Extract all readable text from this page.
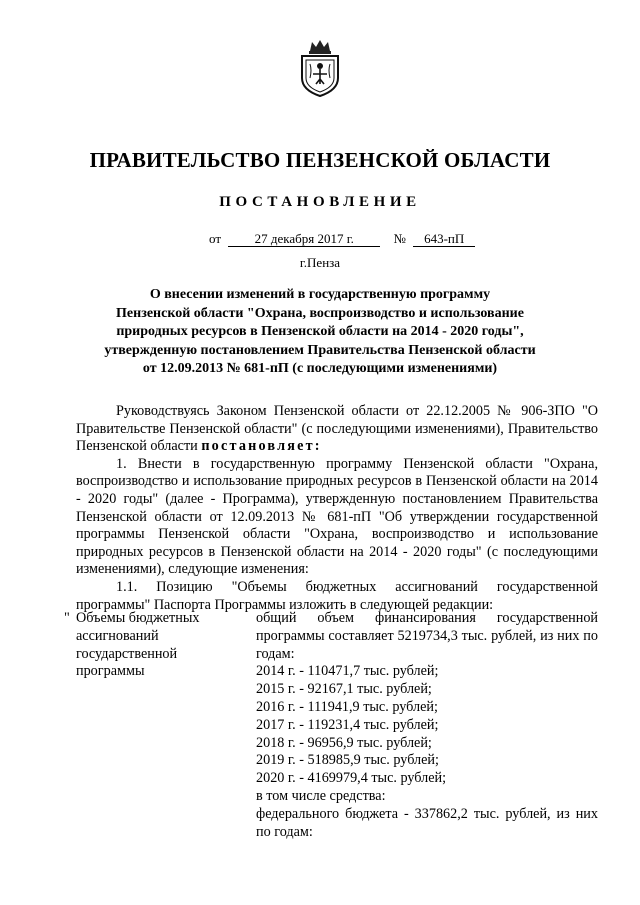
ПРАВИТЕЛЬСТВО ПЕНЗЕНСКОЙ ОБЛАСТИ
ПОСТАНОВЛЕНИЕ
от	27 декабря 2017 г.	№ 643-пП
г.Пенза
О внесении изменений в государственную программу
Пензенской области "Охрана, воспроизводство и использование
природных ресурсов в Пензенской области на 2014 - 2020 годы",
утвержденную постановлением Правительства Пензенской области
от 12.09.2013 № 681-пП (с последующими изменениями)

Руководствуясь Законом Пензенской области от 22.12.2005 № 906-ЗПО "О Правительстве Пензенской области" (с последующими изменениями), Правительство Пензенской области постановляет:

1. Внести в государственную программу Пензенской области "Охрана, воспроизводство и использование природных ресурсов в Пензенской области на 2014 - 2020 годы" (далее - Программа), утвержденную постановлением Правительства Пензенской области от 12.09.2013 № 681-пП "Об утверждении государственной программы Пензенской области "Охрана, воспроизводство и использование природных ресурсов в Пензенской области на 2014 - 2020 годы" (с последующими изменениями), следующие изменения:

1.1. Позицию "Объемы бюджетных ассигнований государственной программы" Паспорта Программы изложить в следующей редакции:

" Объемы бюджетных
ассигнований
государственной
программы
общий объем финансирования государственной программы составляет 5219734,3 тыс. рублей, из них по годам:
2014 г. - 110471,7 тыс. рублей;
2015 г. - 92167,1 тыс. рублей;
2016 г. - 111941,9 тыс. рублей;
2017 г. - 119231,4 тыс. рублей;
2018 г. - 96956,9 тыс. рублей;
2019 г. - 518985,9 тыс. рублей;
2020 г. - 4169979,4 тыс. рублей;
в том числе средства:
федерального бюджета - 337862,2 тыс. рублей, из них по годам:
